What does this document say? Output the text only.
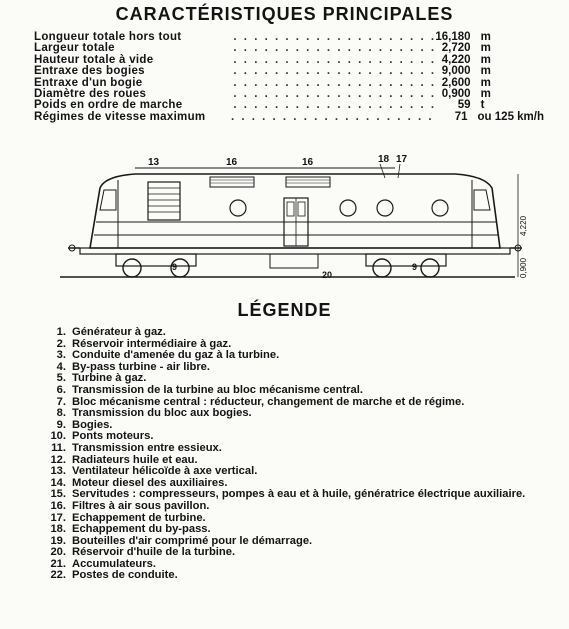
CARACTÉRISTIQUES PRINCIPALES
Longueur totale hors tout	. . . . . . . . . . . . . . . . . . . . 16,180 m
Largeur totale	. . . . . . . . . . . . . . . . . . . . 2,720 m
Hauteur totale à vide	. . . . . . . . . . . . . . . . . . . . 4,220 m
Entraxe des bogies	. . . . . . . . . . . . . . . . . . . . 9,000 m
Entraxe d'un bogie	. . . . . . . . . . . . . . . . . . . . 2,600 m
Diamètre des roues	. . . . . . . . . . . . . . . . . . . . 0,900 m
Poids en ordre de marche	. . . . . . . . . . . . . . . . . . . .	59 t
Régimes de vitesse maximum	. . . . . . . . . . . . . . . . . . . .	71 ou 125 km/h
13	16	16	18 17
9	9
20
4,220
0,900
LÉGENDE
1. Générateur à gaz.
2. Réservoir intermédiaire à gaz.
3. Conduite d'amenée du gaz à la turbine.
4. By-pass turbine - air libre.
5. Turbine à gaz.
6. Transmission de la turbine au bloc mécanisme central.
7. Bloc mécanisme central : réducteur, changement de marche et de régime.
8. Transmission du bloc aux bogies.
9. Bogies.
10. Ponts moteurs.
11. Transmission entre essieux.
12. Radiateurs huile et eau.
13. Ventilateur hélicoïde à axe vertical.
14. Moteur diesel des auxiliaires.
15. Servitudes : compresseurs, pompes à eau et à huile, génératrice électrique auxiliaire.
16. Filtres à air sous pavillon.
17. Echappement de turbine.
18. Echappement du by-pass.
19. Bouteilles d'air comprimé pour le démarrage.
20. Réservoir d'huile de la turbine.
21. Accumulateurs.
22. Postes de conduite.
